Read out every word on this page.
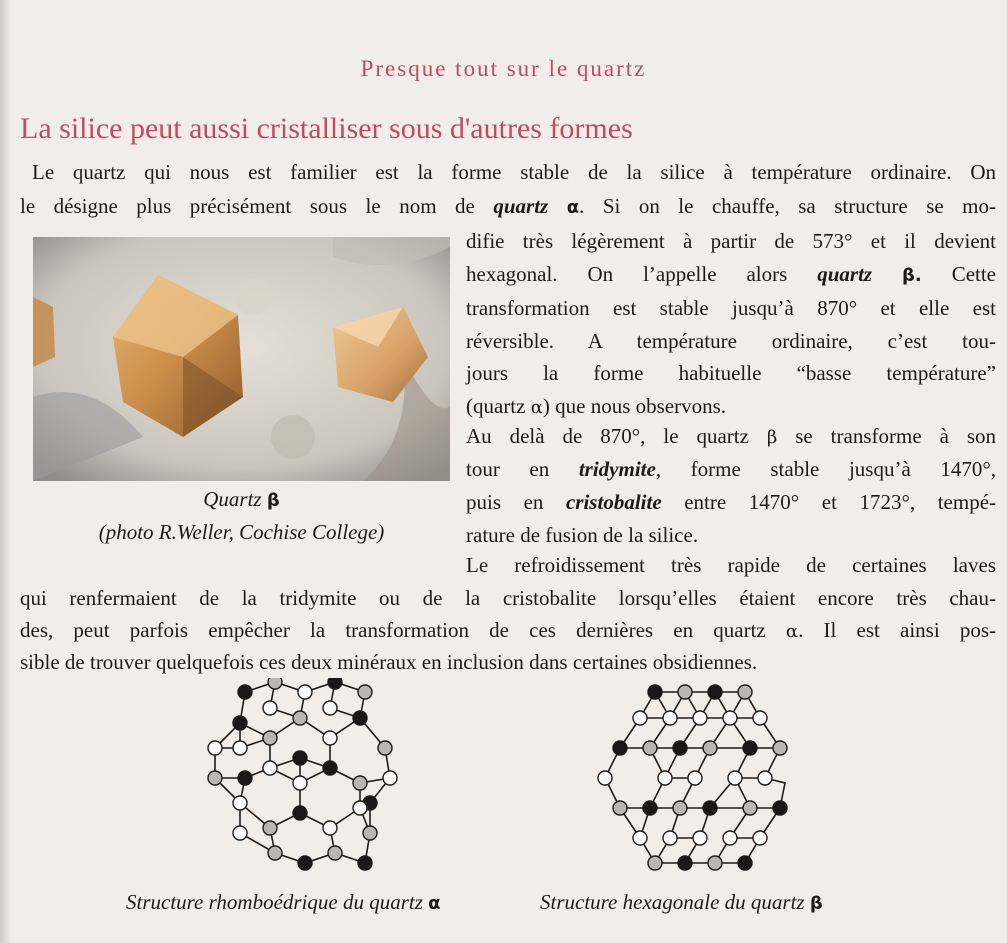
Presque tout sur le quartz
La silice peut aussi cristalliser sous d'autres formes
Le quartz qui nous est familier est la forme stable de la silice à température ordinaire. On
le désigne plus précisément sous le nom de quartz α. Si on le chauffe, sa structure se mo-
difie très légèrement à partir de 573° et il devient
hexagonal. On l’appelle alors quartz β. Cette
transformation est stable jusqu’à 870° et elle est
réversible. A température ordinaire, c’est tou-
jours la forme habituelle “basse température”
(quartz α) que nous observons.
Au delà de 870°, le quartz β se transforme à son
tour en tridymite, forme stable jusqu’à 1470°,
puis en cristobalite entre 1470° et 1723°, tempé-
rature de fusion de la silice.
Le refroidissement très rapide de certaines laves
qui renfermaient de la tridymite ou de la cristobalite lorsqu’elles étaient encore très chau-
des, peut parfois empêcher la transformation de ces dernières en quartz α. Il est ainsi pos-
sible de trouver quelquefois ces deux minéraux en inclusion dans certaines obsidiennes.
Quartz β
(photo R.Weller, Cochise College)
Structure rhomboédrique du quartz α	Structure hexagonale du quartz β
